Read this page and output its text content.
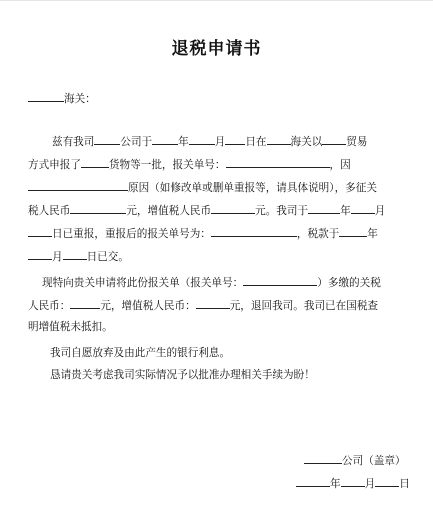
退税申请书
海关：
兹有我司 公司于 年 月 日在 海关以 贸易
方式申报了	货物等一批，报关单号：	，因
原因（如修改单或删单重报等，请具体说明），多征关
税人民币	元，增值税人民币	元。我司于	年 月
日已重报，重报后的报关单号为：	，税款于	年
月 日已交。
现特向贵关申请将此份报关单（报关单号：	）多缴的关税
人民币：	元，增值税人民币：	元，退回我司。我司已在国税查
明增值税未抵扣。
我司自愿放弃及由此产生的银行利息。
恳请贵关考虑我司实际情况予以批准办理相关手续为盼！
公司（盖章）
年 月 日
